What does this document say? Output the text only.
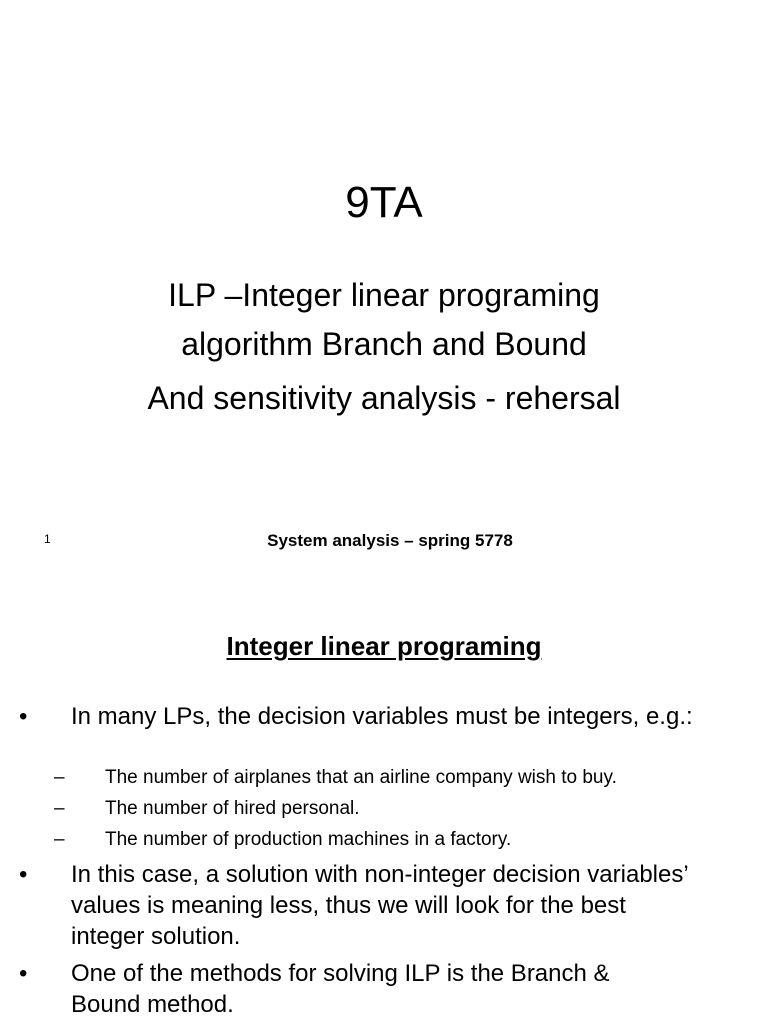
9TA
ILP –Integer linear programing
algorithm Branch and Bound
And sensitivity analysis - rehersal
1	System analysis – spring 5778
Integer linear programing
• In many LPs, the decision variables must be integers, e.g.:
– The number of airplanes that an airline company wish to buy.
– The number of hired personal.
– The number of production machines in a factory.
• In this case, a solution with non-integer decision variables’ values is meaning less, thus we will look for the best integer solution.
• One of the methods for solving ILP is the Branch & Bound method.
